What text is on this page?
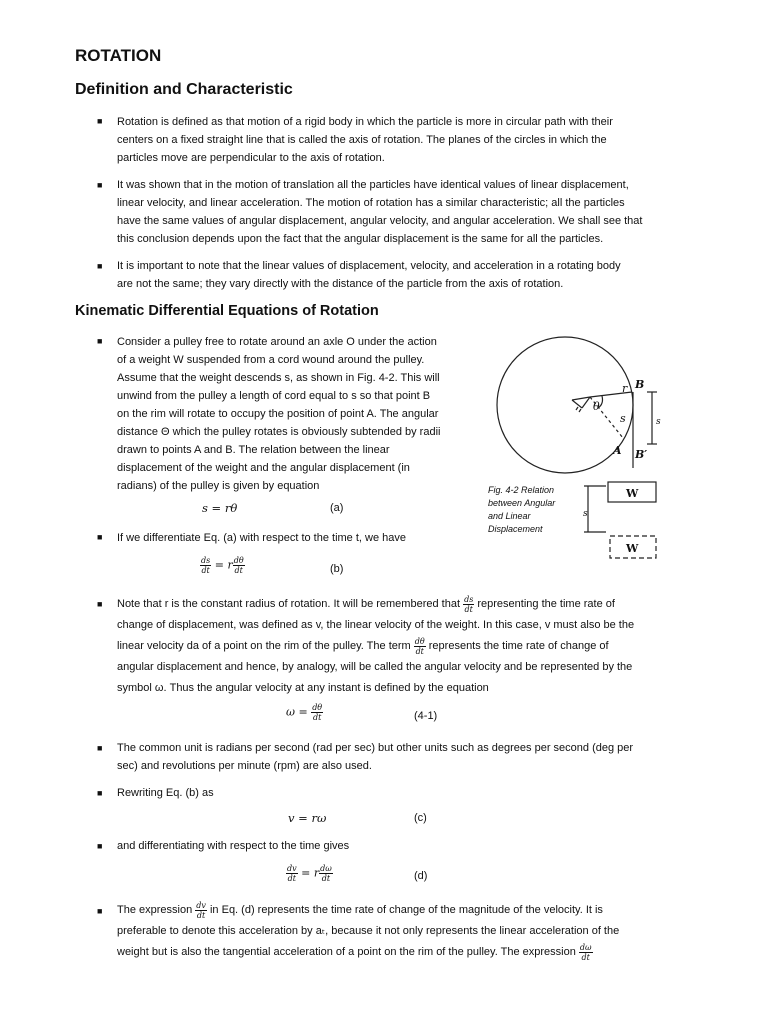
ROTATION
Definition and Characteristic
■ Rotation is defined as that motion of a rigid body in which the particle is more in circular path with their
centers on a fixed straight line that is called the axis of rotation. The planes of the circles in which the
particles move are perpendicular to the axis of rotation.
■ It was shown that in the motion of translation all the particles have identical values of linear displacement,
linear velocity, and linear acceleration. The motion of rotation has a similar characteristic; all the particles
have the same values of angular displacement, angular velocity, and angular acceleration. We shall see that
this conclusion depends upon the fact that the angular displacement is the same for all the particles.
■ It is important to note that the linear values of displacement, velocity, and acceleration in a rotating body
are not the same; they vary directly with the distance of the particle from the axis of rotation.
Kinematic Differential Equations of Rotation
■ Consider a pulley free to rotate around an axle O under the action
of a weight W suspended from a cord wound around the pulley.
Assume that the weight descends s, as shown in Fig. 4-2. This will
unwind from the pulley a length of cord equal to s so that point B
on the rim will rotate to occupy the position of point A. The angular
distance Θ which the pulley rotates is obviously subtended by radii
drawn to points A and B. The relation between the linear
displacement of the weight and the angular displacement (in
radians) of the pulley is given by equation
s = rθ	(a)
■ If we differentiate Eq. (a) with respect to the time t, we have
$\frac{ds}{dt} = r \frac{d\theta}{dt}$	(b)
■ Note that r is the constant radius of rotation. It will be remembered that $\frac{ds}{dt}$ representing the time rate of
change of displacement, was defined as v, the linear velocity of the weight. In this case, v must also be the
linear velocity da of a point on the rim of the pulley. The term $\frac{d\theta}{dt}$ represents the time rate of change of
angular displacement and hence, by analogy, will be called the angular velocity and be represented by the
symbol ω. Thus the angular velocity at any instant is defined by the equation
$\omega = \frac{d\theta}{dt}$	(4-1)
■ The common unit is radians per second (rad per sec) but other units such as degrees per second (deg per
sec) and revolutions per minute (rpm) are also used.
■ Rewriting Eq. (b) as
v = rω	(c)
■ and differentiating with respect to the time gives
$\frac{dv}{dt} = r \frac{d\omega}{dt}$	(d)
■ The expression $\frac{dv}{dt}$ in Eq. (d) represents the time rate of change of the magnitude of the velocity. It is
preferable to denote this acceleration by aₜ, because it not only represents the linear acceleration of the
weight but is also the tangential acceleration of a point on the rim of the pulley. The expression $\frac{d\omega}{dt}$
B
A B′
r
θ
s	s
s
W
W
Fig. 4-2 Relation
between Angular
and Linear
Displacement
